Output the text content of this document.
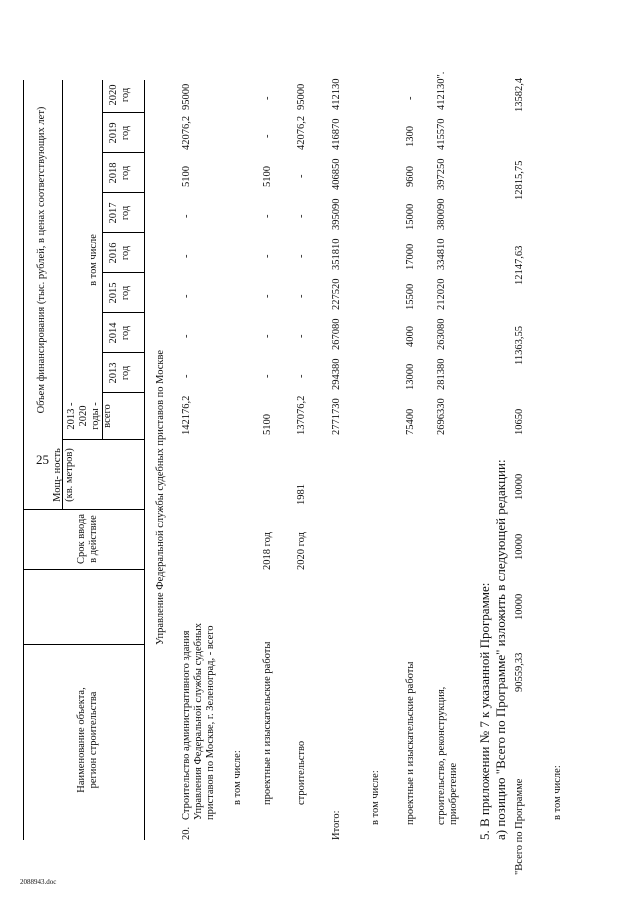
25
Наименование объекта, регион строительства
Срок ввода в действие
Мощ- ность (кв. метров)
Объем финансирования (тыс. рублей, в ценах соответствующих лет)
2013 - 2020 годы - всего
в том числе
2013 год
2014 год
2015 год
2016 год
2017 год
2018 год
2019 год
2020 год
Управление Федеральной службы судебных приставов по Москве
20.
Строительство административного здания Управления Федеральной службы судебных приставов по Москве, г. Зеленоград, - всего
142176,2
-
-
-
-
-
5100
42076,2
95000
в том числе: проектные и изыскательские работы
2018 год
5100
-
-
-
-
-
5100
-
-
строительство
2020 год
1981
137076,2
-
-
-
-
-
-
42076,2
95000
Итого:
2771730
294380
267080
227520
351810
395090
406850
416870
412130
в том числе: проектные и изыскательские работы
75400
13000
4000
15500
17000
15000
9600
1300
-
строительство, реконструкция, приобретение
2696330
281380
263080
212020
334810
380090
397250
415570
412130".
5. В приложении № 7 к указанной Программе: а) позицию "Всего по Программе" изложить в следующей редакции: "Всего по Программе
90559,33
10000
10000
10000
10650
11363,55
12147,63
12815,75
13582,4
в том числе:
2088943.doc
